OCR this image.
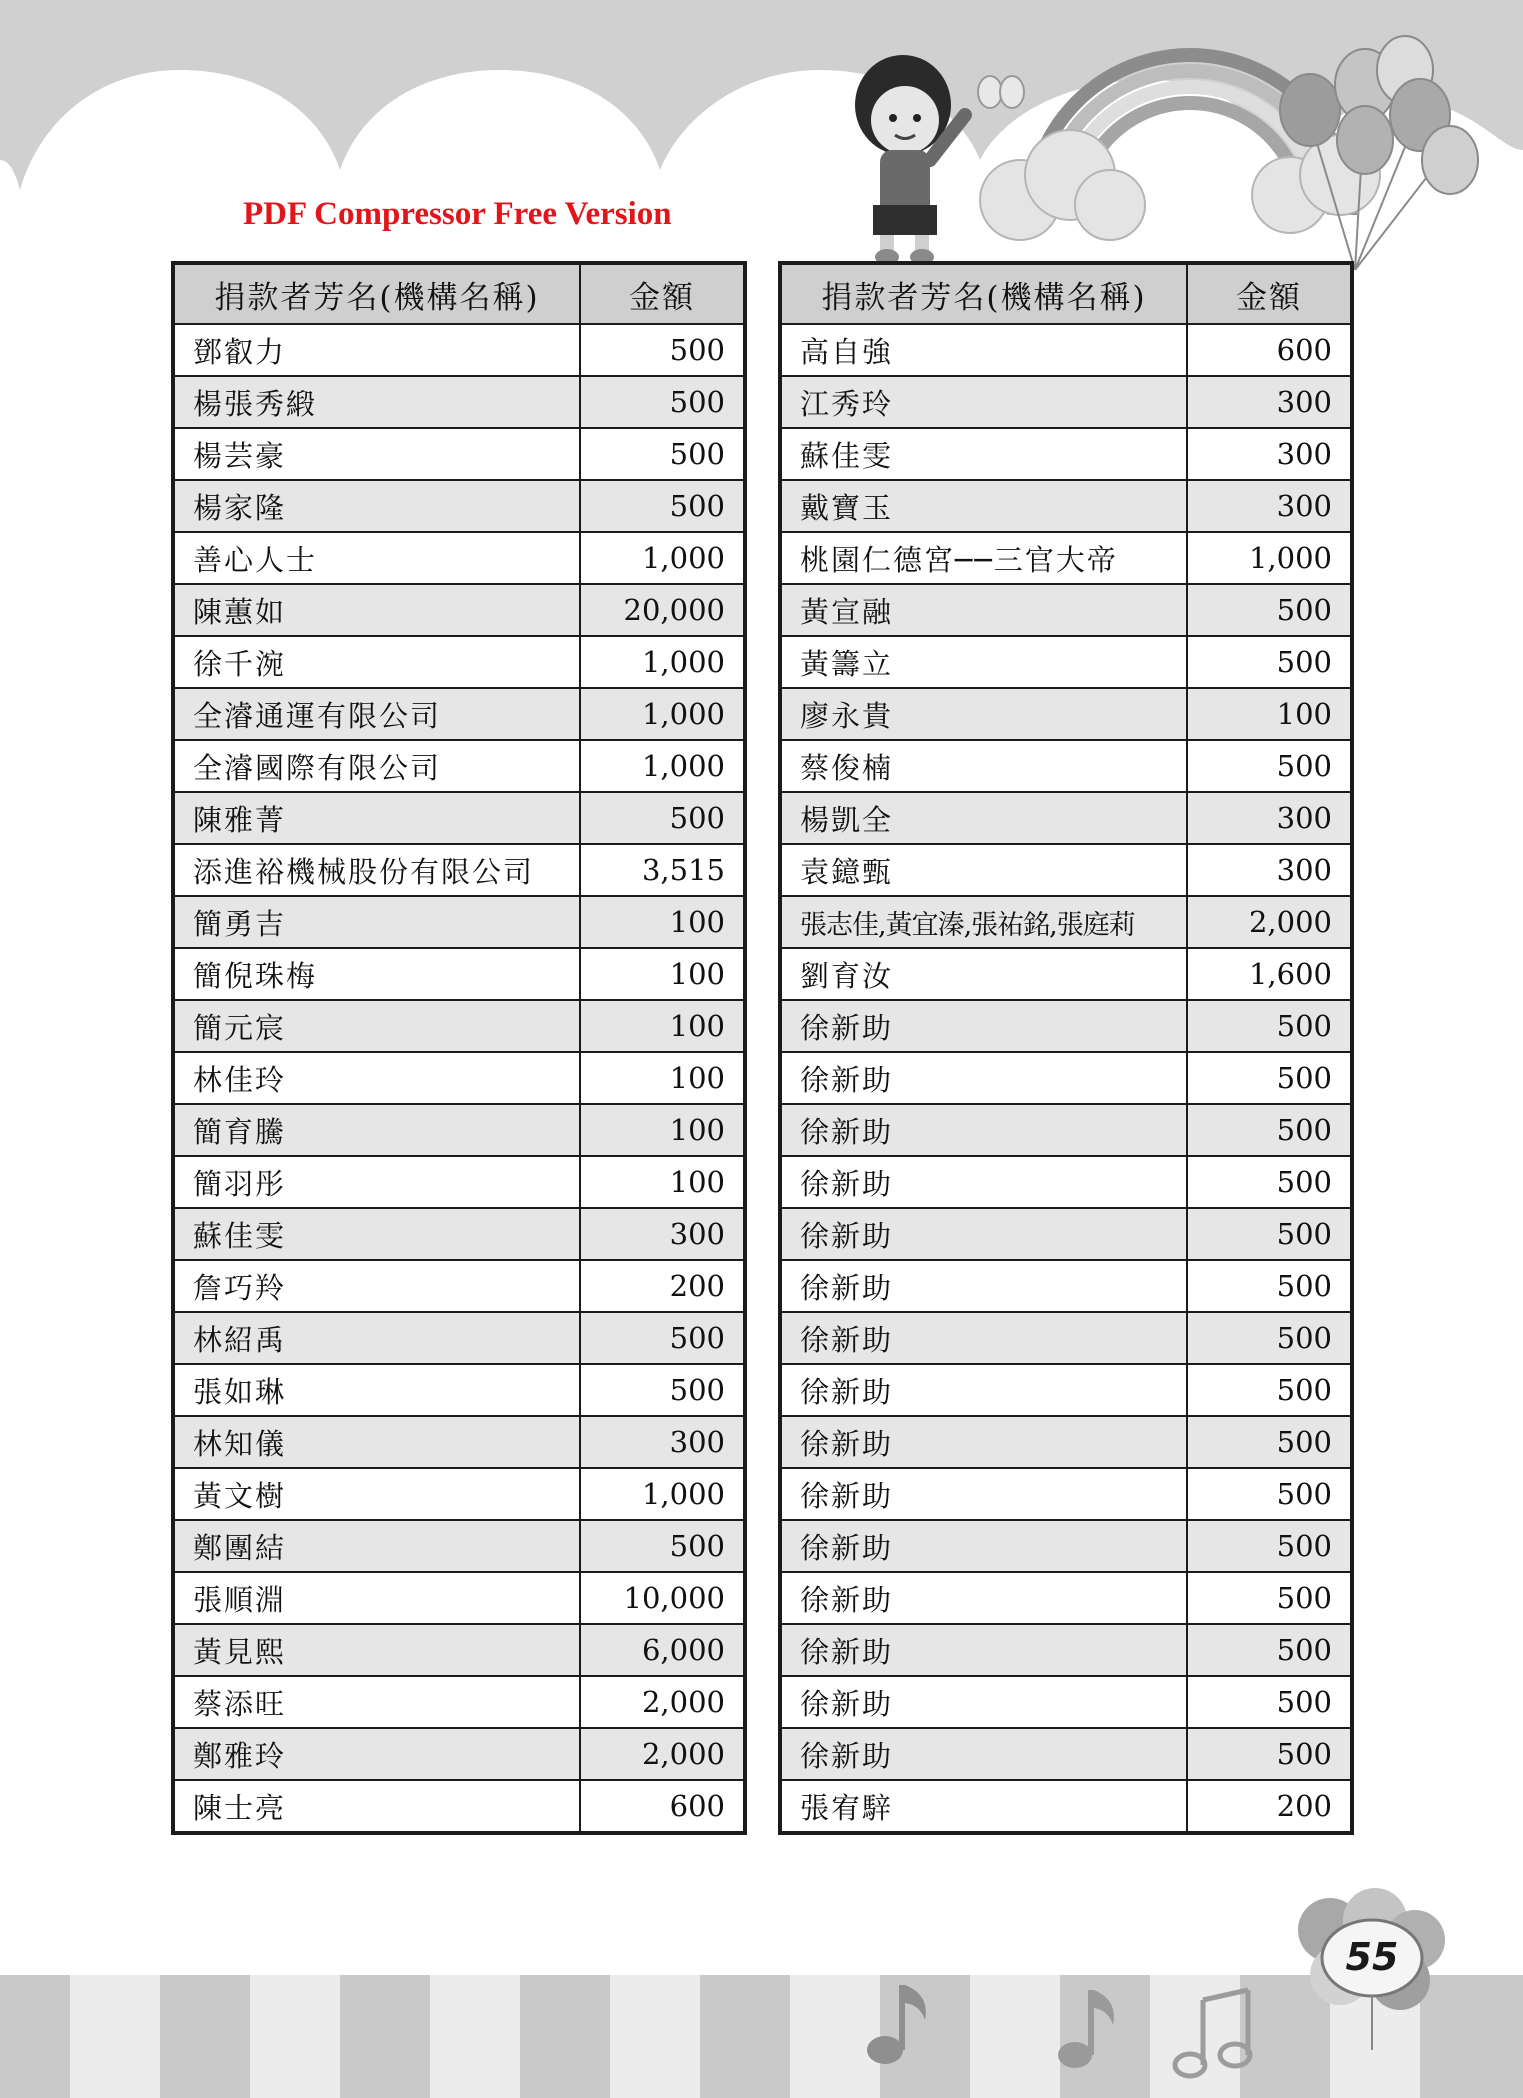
PDF Compressor Free Version
捐款者芳名(機構名稱)	金額
鄧叡力	500
楊張秀緞	500
楊芸豪	500
楊家隆	500
善心人士	1,000
陳蕙如	20,000
徐千涴	1,000
全濬通運有限公司	1,000
全濬國際有限公司	1,000
陳雅菁	500
添進裕機械股份有限公司	3,515
簡勇吉	100
簡倪珠梅	100
簡元宸	100
林佳玲	100
簡育騰	100
簡羽彤	100
蘇佳雯	300
詹巧羚	200
林紹禹	500
張如琳	500
林知儀	300
黃文樹	1,000
鄭團結	500
張順淵	10,000
黃見熙	6,000
蔡添旺	2,000
鄭雅玲	2,000
陳士亮	600
捐款者芳名(機構名稱)	金額
高自強	600
江秀玲	300
蘇佳雯	300
戴寶玉	300
桃園仁德宮──三官大帝	1,000
黃宣融	500
黃籌立	500
廖永貴	100
蔡俊楠	500
楊凱全	300
袁鐿甄	300
張志佳,黃宜溱,張祐銘,張庭莉	2,000
劉育汝	1,600
徐新助	500
徐新助	500
徐新助	500
徐新助	500
徐新助	500
徐新助	500
徐新助	500
徐新助	500
徐新助	500
徐新助	500
徐新助	500
徐新助	500
徐新助	500
徐新助	500
徐新助	500
張宥騂	200
55
